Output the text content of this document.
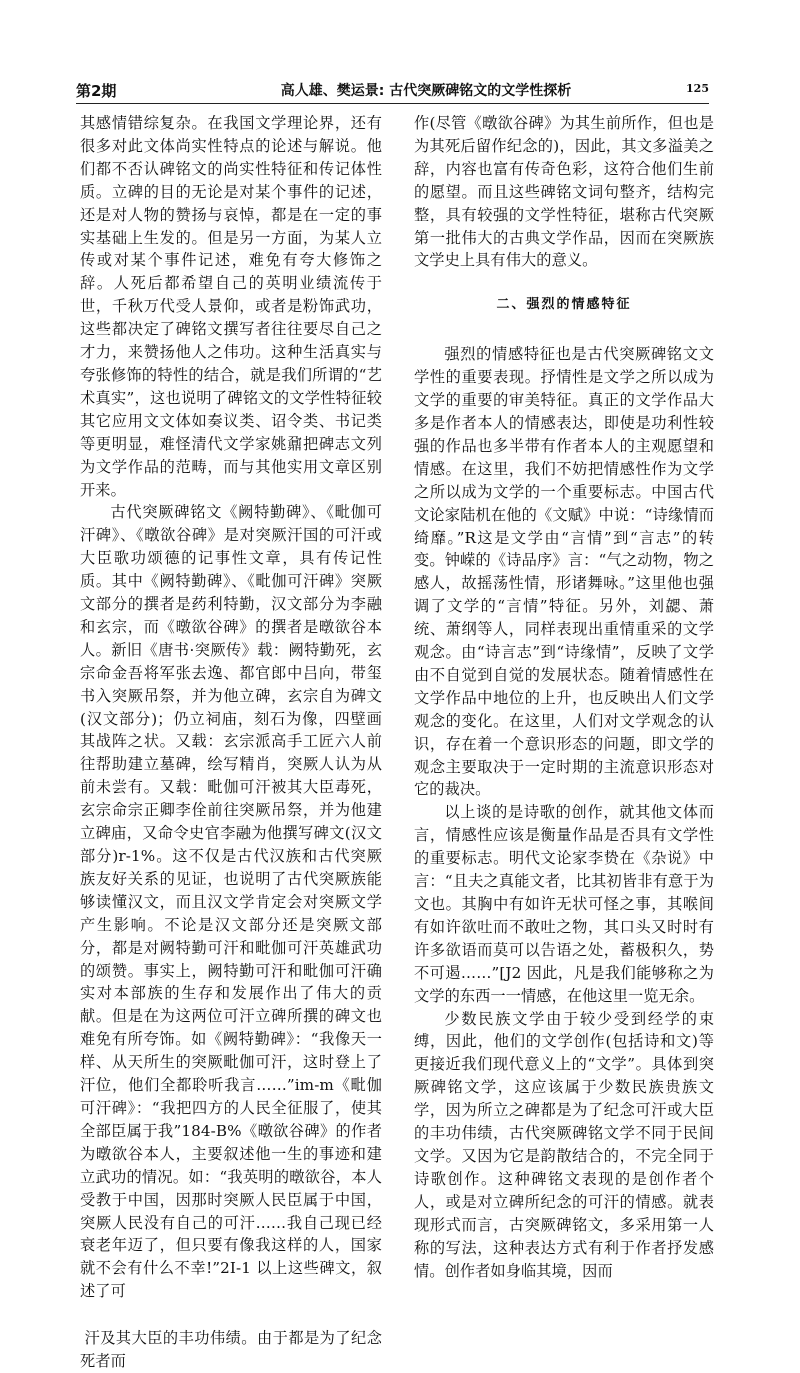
第2期	高人雄、樊运景: 古代突厥碑铭文的文学性探析	125

其感情错综复杂。在我国文学理论界，还有很多对此文体尚实性特点的论述与解说。他们都不否认碑铭文的尚实性特征和传记体性质。立碑的目的无论是对某个事件的记述，还是对人物的赞扬与哀悼，都是在一定的事实基础上生发的。但是另一方面，为某人立传或对某个事件记述，难免有夸大修饰之辞。人死后都希望自己的英明业绩流传于世，千秋万代受人景仰，或者是粉饰武功，这些都决定了碑铭文撰写者往往要尽自己之才力，来赞扬他人之伟功。这种生活真实与夸张修饰的特性的结合，就是我们所谓的“艺术真实”，这也说明了碑铭文的文学性特征较其它应用文文体如奏议类、诏令类、书记类等更明显，难怪清代文学家姚鼐把碑志文列为文学作品的范畴，而与其他实用文章区别开来。

古代突厥碑铭文《阙特勤碑》、《毗伽可汗碑》、《暾欲谷碑》是对突厥汗国的可汗或大臣歌功颂德的记事性文章，具有传记性质。其中《阙特勤碑》、《毗伽可汗碑》突厥文部分的撰者是药利特勤，汉文部分为李融和玄宗，而《暾欲谷碑》的撰者是暾欲谷本人。新旧《唐书·突厥传》载：阙特勤死，玄宗命金吾将军张去逸、都官郎中吕向，带玺书入突厥吊祭，并为他立碑，玄宗自为碑文(汉文部分)；仍立祠庙，刻石为像，四壁画其战阵之状。又载：玄宗派高手工匠六人前往帮助建立墓碑，绘写精肖，突厥人认为从前未尝有。又载：毗伽可汗被其大臣毒死，玄宗命宗正卿李佺前往突厥吊祭，并为他建立碑庙，又命令史官李融为他撰写碑文(汉文部分)r-1%。这不仅是古代汉族和古代突厥族友好关系的见证，也说明了古代突厥族能够读懂汉文，而且汉文学肯定会对突厥文学产生影响。不论是汉文部分还是突厥文部分，都是对阙特勤可汗和毗伽可汗英雄武功的颂赞。事实上，阙特勤可汗和毗伽可汗确实对本部族的生存和发展作出了伟大的贡献。但是在为这两位可汗立碑所撰的碑文也难免有所夸饰。如《阙特勤碑》：“我像天一样、从天所生的突厥毗伽可汗，这时登上了汗位，他们全都聆听我言……”im-m《毗伽可汗碑》：“我把四方的人民全征服了，使其全部臣属于我”184-B%《暾欲谷碑》的作者为暾欲谷本人，主要叙述他一生的事迹和建立武功的情况。如：“我英明的暾欲谷，本人受教于中国，因那时突厥人民臣属于中国，突厥人民没有自己的可汗……我自己现已经衰老年迈了，但只要有像我这样的人，国家就不会有什么不幸!”2I-1 以上这些碑文，叙述了可

汗及其大臣的丰功伟绩。由于都是为了纪念死者而

作(尽管《暾欲谷碑》为其生前所作，但也是为其死后留作纪念的)，因此，其文多溢美之辞，内容也富有传奇色彩，这符合他们生前的愿望。而且这些碑铭文词句整齐，结构完整，具有较强的文学性特征，堪称古代突厥第一批伟大的古典文学作品，因而在突厥族文学史上具有伟大的意义。

二、强烈的情感特征

强烈的情感特征也是古代突厥碑铭文文学性的重要表现。抒情性是文学之所以成为文学的重要的审美特征。真正的文学作品大多是作者本人的情感表达，即使是功利性较强的作品也多半带有作者本人的主观愿望和情感。在这里，我们不妨把情感性作为文学之所以成为文学的一个重要标志。中国古代文论家陆机在他的《文赋》中说：“诗缘情而绮靡。”R这是文学由“言情”到“言志”的转变。钟嵘的《诗品序》言：“气之动物，物之感人，故摇荡性情，形诸舞咏。”这里他也强调了文学的“言情”特征。另外，刘勰、萧统、萧纲等人，同样表现出重情重采的文学观念。由“诗言志”到“诗缘情”，反映了文学由不自觉到自觉的发展状态。随着情感性在文学作品中地位的上升，也反映出人们文学观念的变化。在这里，人们对文学观念的认识，存在着一个意识形态的问题，即文学的观念主要取决于一定时期的主流意识形态对它的裁决。

以上谈的是诗歌的创作，就其他文体而言，情感性应该是衡量作品是否具有文学性的重要标志。明代文论家李贽在《杂说》中言：“且夫之真能文者，比其初皆非有意于为文也。其胸中有如许无状可怪之事，其喉间有如许欲吐而不敢吐之物，其口头又时时有许多欲语而莫可以告语之处，蓄极积久，势不可遏……”[J2 因此，凡是我们能够称之为文学的东西一一情感，在他这里一览无余。

少数民族文学由于较少受到经学的束缚，因此，他们的文学创作(包括诗和文)等更接近我们现代意义上的“文学”。具体到突厥碑铭文学，这应该属于少数民族贵族文学，因为所立之碑都是为了纪念可汗或大臣的丰功伟绩，古代突厥碑铭文学不同于民间文学。又因为它是韵散结合的，不完全同于诗歌创作。这种碑铭文表现的是创作者个人，或是对立碑所纪念的可汗的情感。就表现形式而言，古突厥碑铭文，多采用第一人称的写法，这种表达方式有利于作者抒发感情。创作者如身临其境，因而
